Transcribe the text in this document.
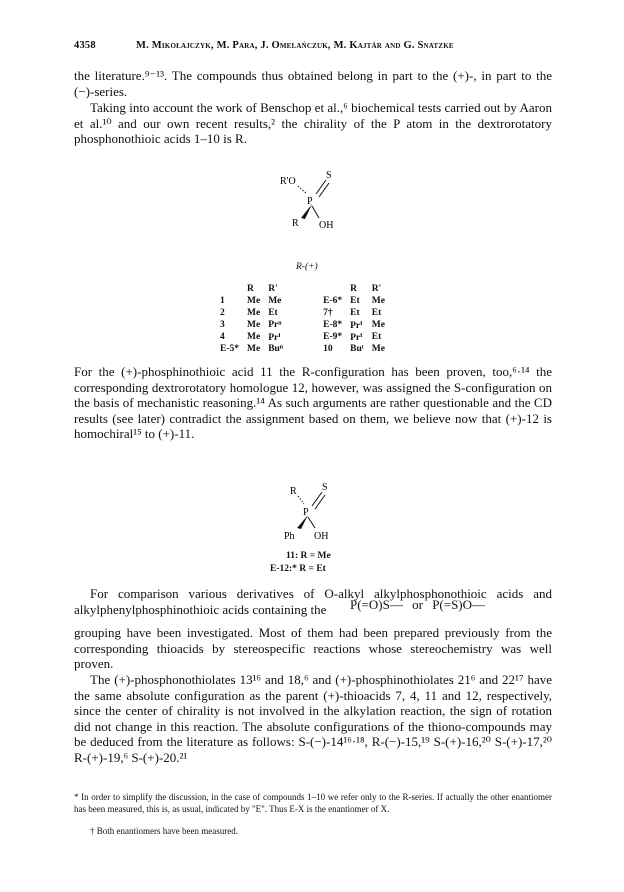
4358	M. Mikołajczyk, M. Para, J. Omelańczuk, M. Kajtár and G. Snatzke

the literature.⁹⁻¹³. The compounds thus obtained belong in part to the (+)-, in part to the (−)-series.

Taking into account the work of Benschop et al.,⁶ biochemical tests carried out by Aaron et al.¹⁰ and our own recent results,² the chirality of the P atom in the dextrorotatory phosphonothioic acids 1–10 is R.

R'O
S
P
R OH
R-(+)
	R	R'		R	R'
1	Me	Me	E-6*	Et	Me
2	Me	Et	7†	Et	Et
3	Me	Prⁿ	E-8*	Prⁱ	Me
4	Me	Prⁱ	E-9*	Prⁱ	Et
E-5*	Me	Buⁿ	10	Buᵗ	Me

For the (+)-phosphinothioic acid 11 the R-configuration has been proven, too,⁶·¹⁴ the corresponding dextrorotatory homologue 12, however, was assigned the S-configuration on the basis of mechanistic reasoning.¹⁴ As such arguments are rather questionable and the CD results (see later) contradict the assignment based on them, we believe now that (+)-12 is homochiral¹⁵ to (+)-11.

R	S
P
Ph OH
11: R = Me
E-12:* R = Et

For comparison various derivatives of O-alkyl alkylphosphonothioic acids and alkylphenylphosphinothioic acids containing the	P(=O)S— or P(=S)O—

grouping have been investigated. Most of them had been prepared previously from the corresponding thioacids by stereospecific reactions whose stereochemistry was well proven.

The (+)-phosphonothiolates 13¹⁶ and 18,⁶ and (+)-phosphinothiolates 21⁶ and 22¹⁷ have the same absolute configuration as the parent (+)-thioacids 7, 4, 11 and 12, respectively, since the center of chirality is not involved in the alkylation reaction, the sign of rotation did not change in this reaction. The absolute configurations of the thiono-compounds may be deduced from the literature as follows: S-(−)-14¹⁶·¹⁸, R-(−)-15,¹⁹ S-(+)-16,²⁰ S-(+)-17,²⁰ R-(+)-19,⁶ S-(+)-20.²¹

* In order to simplify the discussion, in the case of compounds 1–10 we refer only to the R-series. If actually the other enantiomer has been measured, this is, as usual, indicated by "E". Thus E-X is the enantiomer of X.

† Both enantiomers have been measured.
